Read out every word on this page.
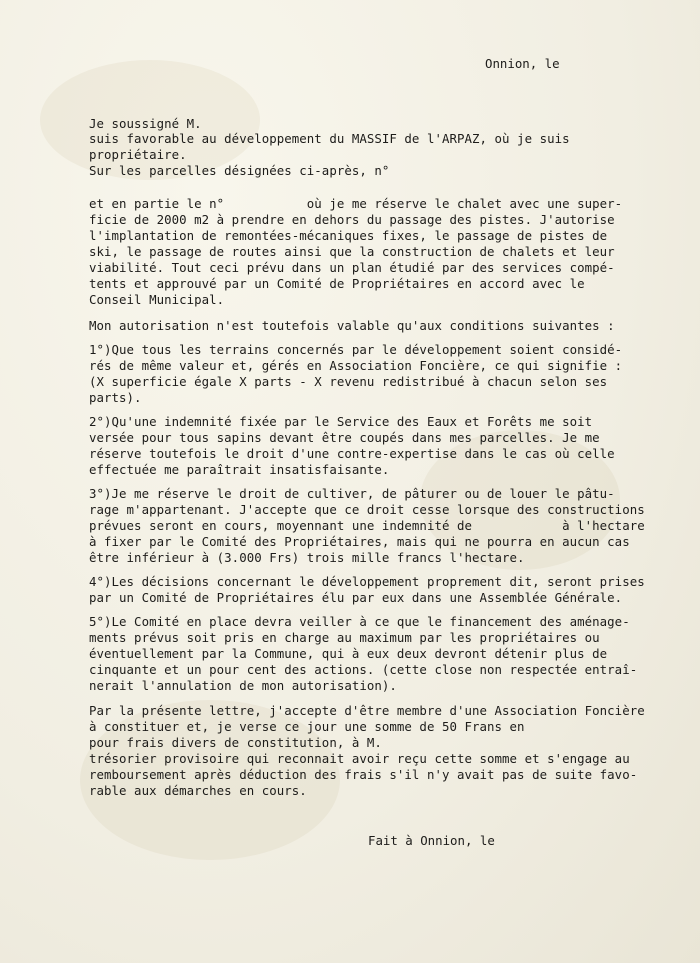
Onnion, le

Je soussigné M.

suis favorable au développement du MASSIF de l'ARPAZ, où je suis

propriétaire.

Sur les parcelles désignées ci-après, n°

et en partie le n°           où je me réserve le chalet avec une super-

ficie de 2000 m2 à prendre en dehors du passage des pistes. J'autorise

l'implantation de remontées-mécaniques fixes, le passage de pistes de

ski, le passage de routes ainsi que la construction de chalets et leur

viabilité. Tout ceci prévu dans un plan étudié par des services compé-

tents et approuvé par un Comité de Propriétaires en accord avec le

Conseil Municipal.

Mon autorisation n'est toutefois valable qu'aux conditions suivantes :

1°)Que tous les terrains concernés par le développement soient considé-

rés de même valeur et, gérés en Association Foncière, ce qui signifie :

(X superficie égale X parts - X revenu redistribué à chacun selon ses

parts).

2°)Qu'une indemnité fixée par le Service des Eaux et Forêts me soit

versée pour tous sapins devant être coupés dans mes parcelles. Je me

réserve toutefois le droit d'une contre-expertise dans le cas où celle

effectuée me paraîtrait insatisfaisante.

3°)Je me réserve le droit de cultiver, de pâturer ou de louer le pâtu-

rage m'appartenant. J'accepte que ce droit cesse lorsque des constructions

prévues seront en cours, moyennant une indemnité de            à l'hectare

à fixer par le Comité des Propriétaires, mais qui ne pourra en aucun cas

être inférieur à (3.000 Frs) trois mille francs l'hectare.

4°)Les décisions concernant le développement proprement dit, seront prises

par un Comité de Propriétaires élu par eux dans une Assemblée Générale.

5°)Le Comité en place devra veiller à ce que le financement des aménage-

ments prévus soit pris en charge au maximum par les propriétaires ou

éventuellement par la Commune, qui à eux deux devront détenir plus de

cinquante et un pour cent des actions. (cette close non respectée entraî-

nerait l'annulation de mon autorisation).

Par la présente lettre, j'accepte d'être membre d'une Association Foncière

à constituer et, je verse ce jour une somme de 50 Frans en

pour frais divers de constitution, à M.

trésorier provisoire qui reconnait avoir reçu cette somme et s'engage au

remboursement après déduction des frais s'il n'y avait pas de suite favo-

rable aux démarches en cours.

Fait à Onnion, le
